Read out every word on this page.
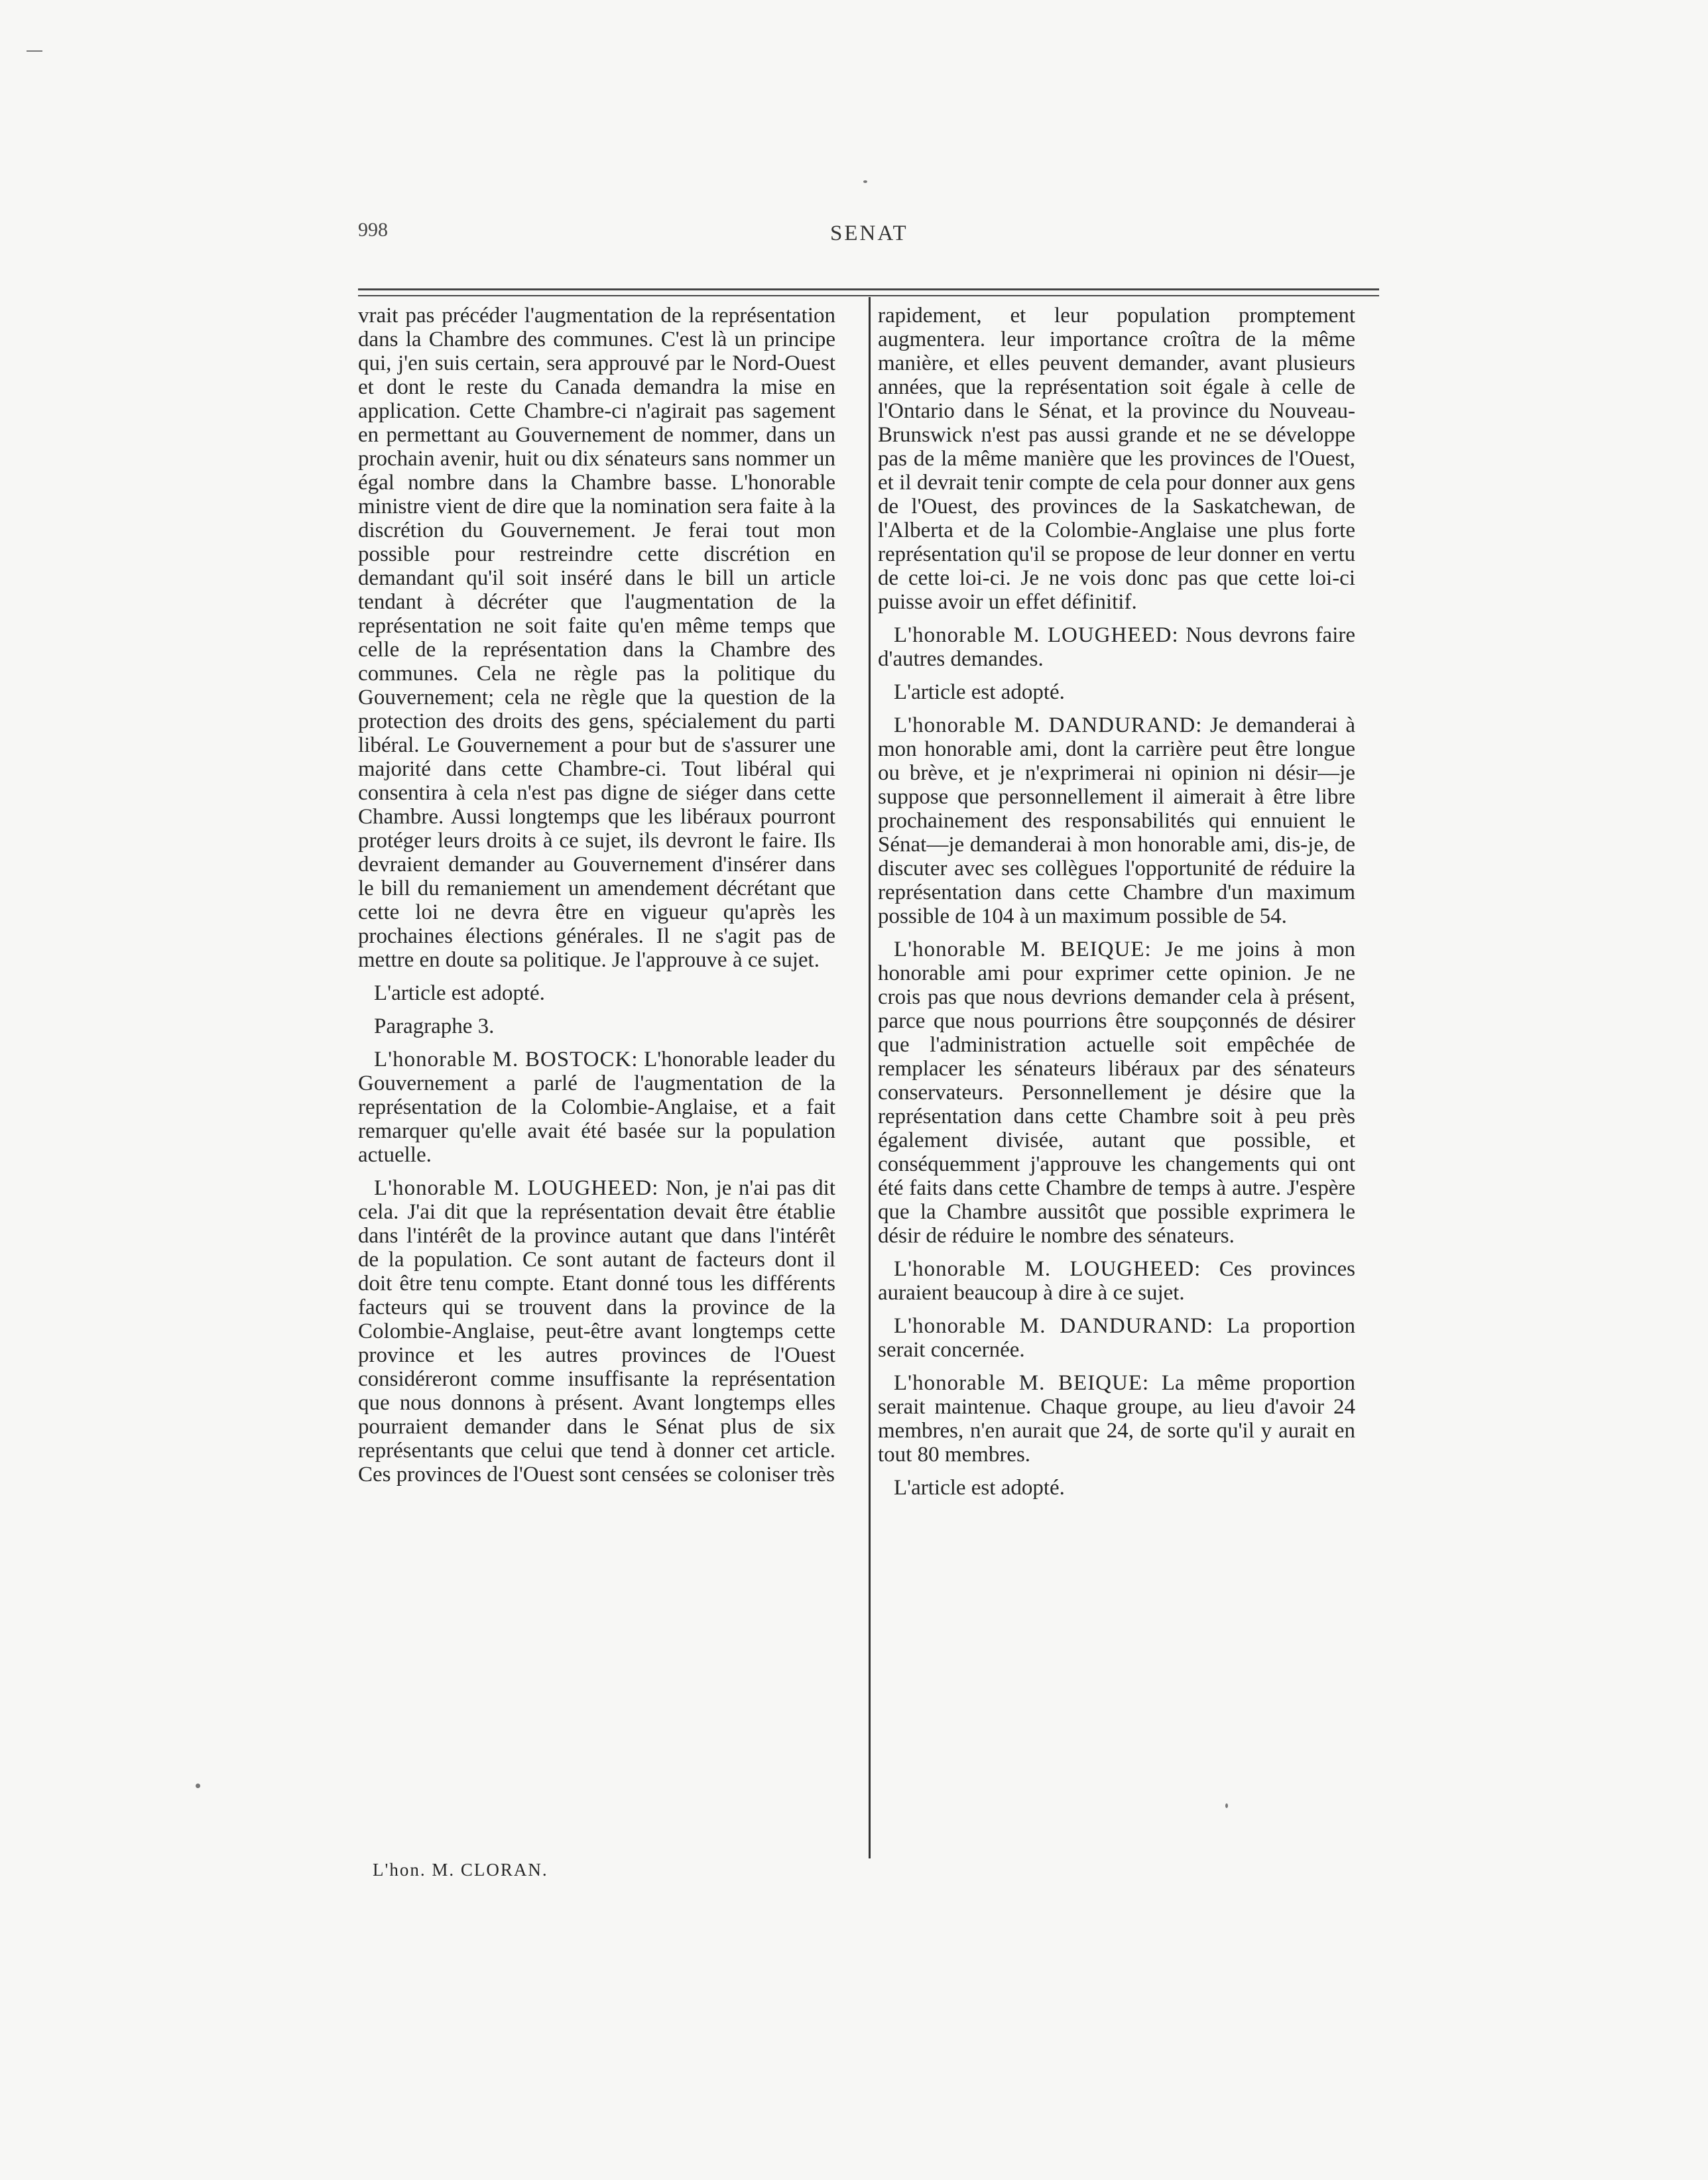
998	SENAT

vrait pas précéder l'augmentation de la représentation dans la Chambre des communes. C'est là un principe qui, j'en suis certain, sera approuvé par le Nord-Ouest et dont le reste du Canada demandra la mise en application. Cette Chambre-ci n'agirait pas sagement en permettant au Gouvernement de nommer, dans un prochain avenir, huit ou dix sénateurs sans nommer un égal nombre dans la Chambre basse. L'honorable ministre vient de dire que la nomination sera faite à la discrétion du Gouvernement. Je ferai tout mon possible pour restreindre cette discrétion en demandant qu'il soit inséré dans le bill un article tendant à décréter que l'augmentation de la représentation ne soit faite qu'en même temps que celle de la représentation dans la Chambre des communes. Cela ne règle pas la politique du Gouvernement; cela ne règle que la question de la protection des droits des gens, spécialement du parti libéral. Le Gouvernement a pour but de s'assurer une majorité dans cette Chambre-ci. Tout libéral qui consentira à cela n'est pas digne de siéger dans cette Chambre. Aussi longtemps que les libéraux pourront protéger leurs droits à ce sujet, ils devront le faire. Ils devraient demander au Gouvernement d'insérer dans le bill du remaniement un amendement décrétant que cette loi ne devra être en vigueur qu'après les prochaines élections générales. Il ne s'agit pas de mettre en doute sa politique. Je l'approuve à ce sujet.

L'article est adopté.

Paragraphe 3.

L'honorable M. BOSTOCK: L'honorable leader du Gouvernement a parlé de l'augmentation de la représentation de la Colombie-Anglaise, et a fait remarquer qu'elle avait été basée sur la population actuelle.

L'honorable M. LOUGHEED: Non, je n'ai pas dit cela. J'ai dit que la représentation devait être établie dans l'intérêt de la province autant que dans l'intérêt de la population. Ce sont autant de facteurs dont il doit être tenu compte. Etant donné tous les différents facteurs qui se trouvent dans la province de la Colombie-Anglaise, peut-être avant longtemps cette province et les autres provinces de l'Ouest considéreront comme insuffisante la représentation que nous donnons à présent. Avant longtemps elles pourraient demander dans le Sénat plus de six représentants que celui que tend à donner cet article. Ces provinces de l'Ouest sont censées se coloniser très

rapidement, et leur population promptement augmentera. leur importance croîtra de la même manière, et elles peuvent demander, avant plusieurs années, que la représentation soit égale à celle de l'Ontario dans le Sénat, et la province du Nouveau-Brunswick n'est pas aussi grande et ne se développe pas de la même manière que les provinces de l'Ouest, et il devrait tenir compte de cela pour donner aux gens de l'Ouest, des provinces de la Saskatchewan, de l'Alberta et de la Colombie-Anglaise une plus forte représentation qu'il se propose de leur donner en vertu de cette loi-ci. Je ne vois donc pas que cette loi-ci puisse avoir un effet définitif.

L'honorable M. LOUGHEED: Nous devrons faire d'autres demandes.

L'article est adopté.

L'honorable M. DANDURAND: Je demanderai à mon honorable ami, dont la carrière peut être longue ou brève, et je n'exprimerai ni opinion ni désir—je suppose que personnellement il aimerait à être libre prochainement des responsabilités qui ennuient le Sénat—je demanderai à mon honorable ami, dis-je, de discuter avec ses collègues l'opportunité de réduire la représentation dans cette Chambre d'un maximum possible de 104 à un maximum possible de 54.

L'honorable M. BEIQUE: Je me joins à mon honorable ami pour exprimer cette opinion. Je ne crois pas que nous devrions demander cela à présent, parce que nous pourrions être soupçonnés de désirer que l'administration actuelle soit empêchée de remplacer les sénateurs libéraux par des sénateurs conservateurs. Personnellement je désire que la représentation dans cette Chambre soit à peu près également divisée, autant que possible, et conséquemment j'approuve les changements qui ont été faits dans cette Chambre de temps à autre. J'espère que la Chambre aussitôt que possible exprimera le désir de réduire le nombre des sénateurs.

L'honorable M. LOUGHEED: Ces provinces auraient beaucoup à dire à ce sujet.

L'honorable M. DANDURAND: La proportion serait concernée.

L'honorable M. BEIQUE: La même proportion serait maintenue. Chaque groupe, au lieu d'avoir 24 membres, n'en aurait que 24, de sorte qu'il y aurait en tout 80 membres.

L'article est adopté.

L'hon. M. CLORAN.
